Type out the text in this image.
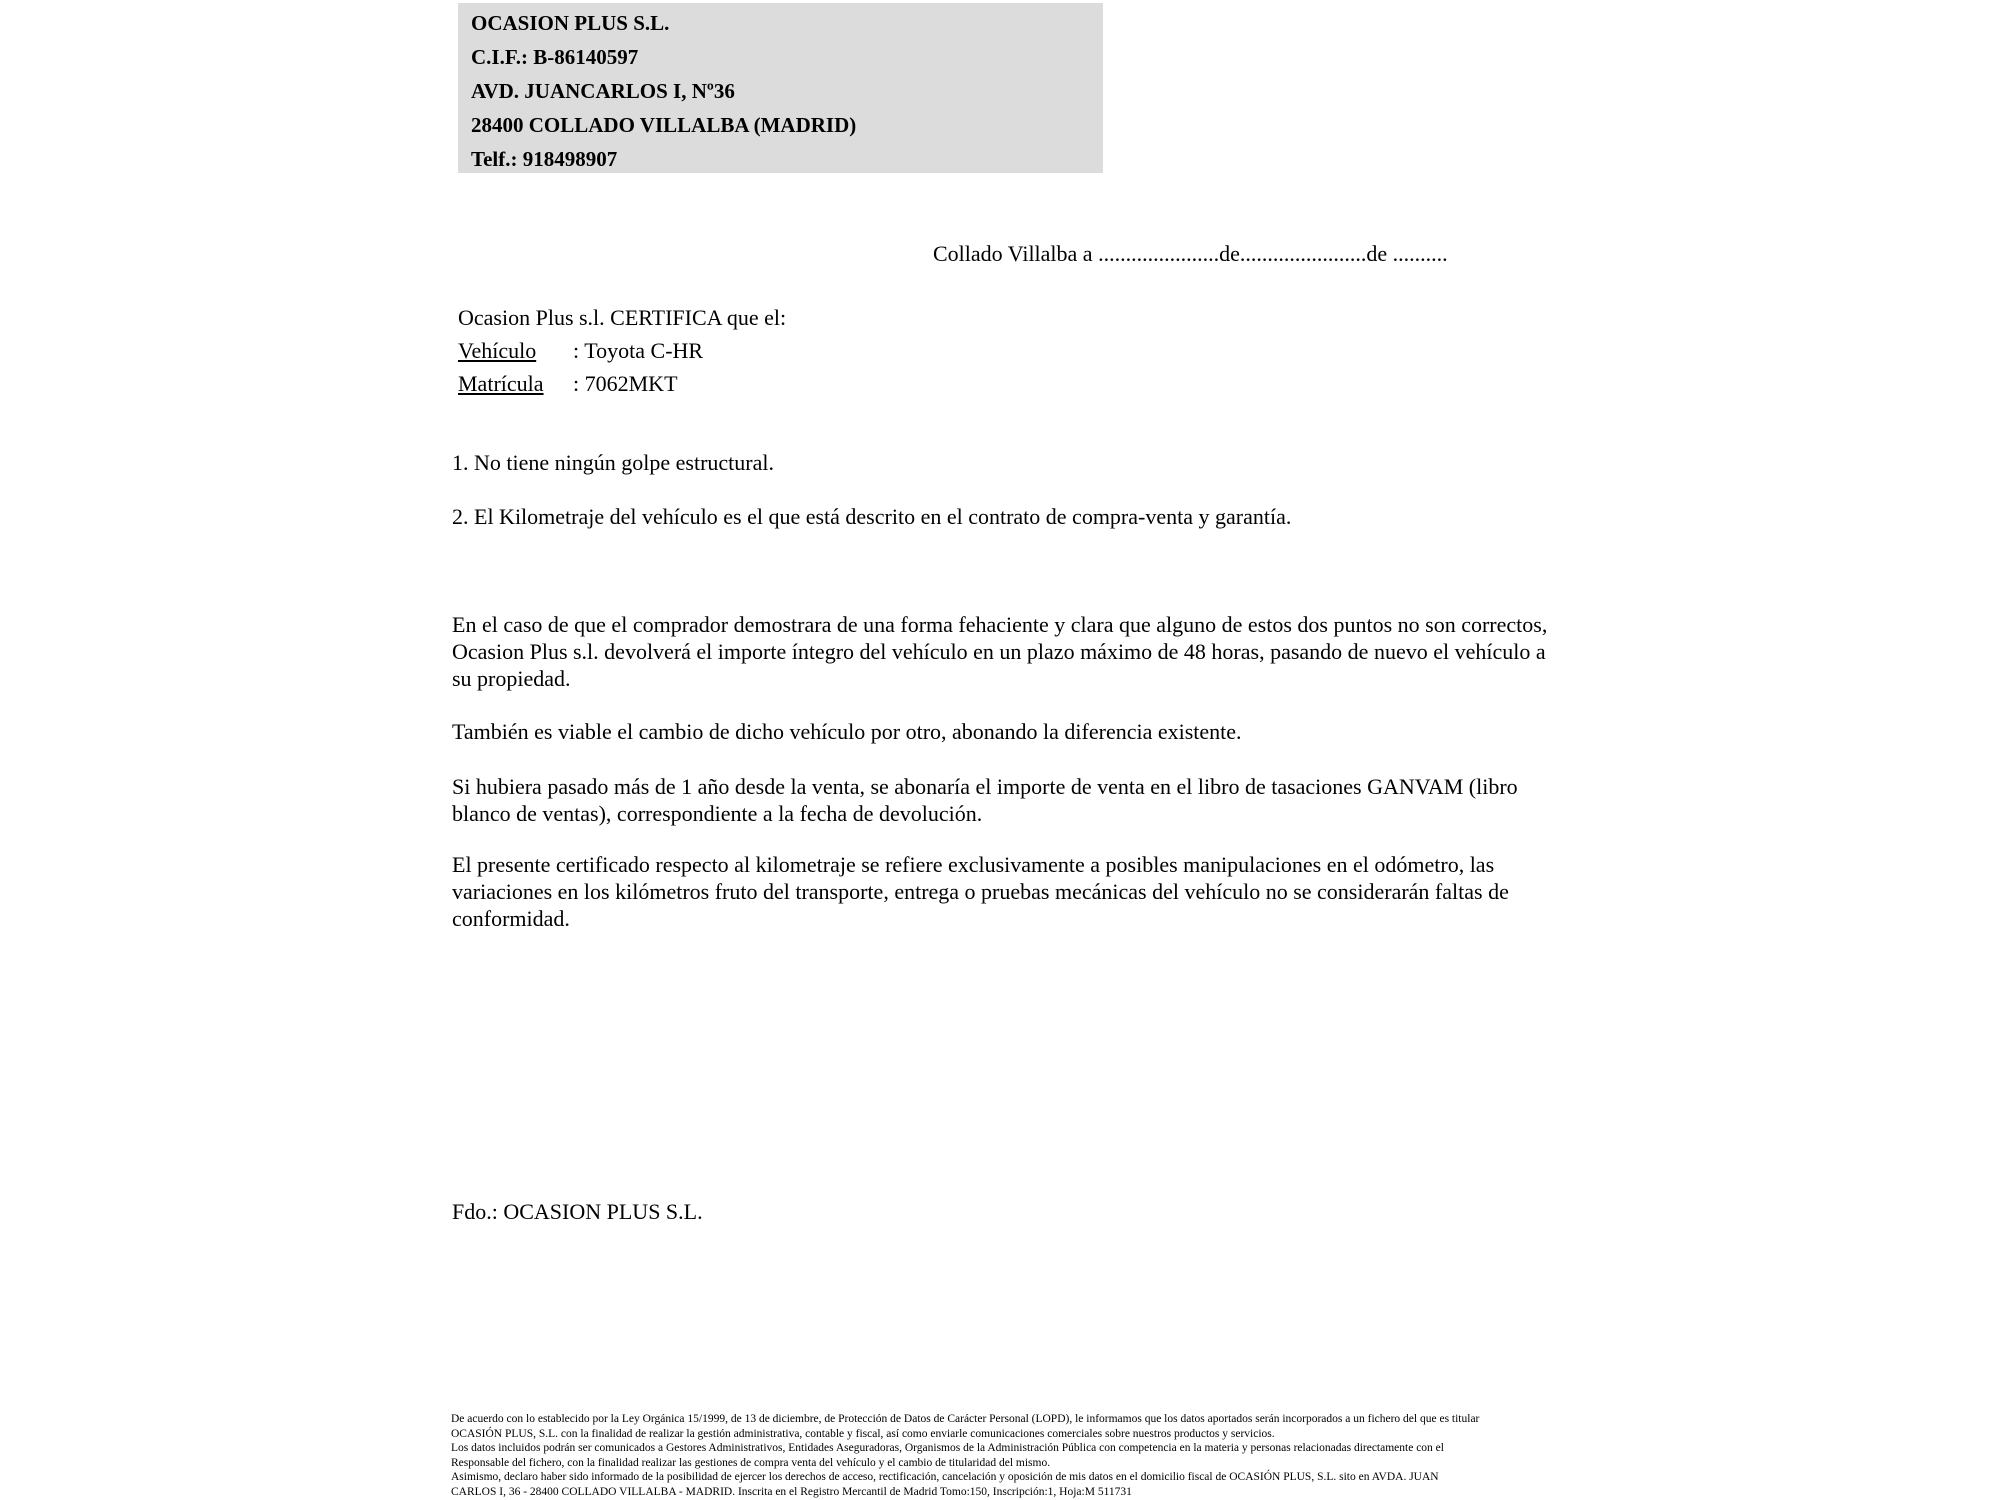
OCASION PLUS S.L.
C.I.F.: B-86140597
AVD. JUANCARLOS I, Nº36
28400 COLLADO VILLALBA (MADRID)
Telf.: 918498907
Collado Villalba a ......................de.......................de ..........
Ocasion Plus s.l. CERTIFICA que el:
Vehículo : Toyota C-HR
Matrícula : 7062MKT
1. No tiene ningún golpe estructural.
2. El Kilometraje del vehículo es el que está descrito en el contrato de compra-venta y garantía.
En el caso de que el comprador demostrara de una forma fehaciente y clara que alguno de estos dos puntos no son correctos, Ocasion Plus s.l. devolverá el importe íntegro del vehículo en un plazo máximo de 48 horas, pasando de nuevo el vehículo a su propiedad.
También es viable el cambio de dicho vehículo por otro, abonando la diferencia existente.
Si hubiera pasado más de 1 año desde la venta, se abonaría el importe de venta en el libro de tasaciones GANVAM (libro blanco de ventas), correspondiente a la fecha de devolución.
El presente certificado respecto al kilometraje se refiere exclusivamente a posibles manipulaciones en el odómetro, las variaciones en los kilómetros fruto del transporte, entrega o pruebas mecánicas del vehículo no se considerarán faltas de conformidad.
Fdo.: OCASION PLUS S.L.
De acuerdo con lo establecido por la Ley Orgánica 15/1999, de 13 de diciembre, de Protección de Datos de Carácter Personal (LOPD), le informamos que los datos aportados serán incorporados a un fichero del que es titular
OCASIÓN PLUS, S.L. con la finalidad de realizar la gestión administrativa, contable y fiscal, así como enviarle comunicaciones comerciales sobre nuestros productos y servicios.
Los datos incluidos podrán ser comunicados a Gestores Administrativos, Entidades Aseguradoras, Organismos de la Administración Pública con competencia en la materia y personas relacionadas directamente con el
Responsable del fichero, con la finalidad realizar las gestiones de compra venta del vehículo y el cambio de titularidad del mismo.
Asimismo, declaro haber sido informado de la posibilidad de ejercer los derechos de acceso, rectificación, cancelación y oposición de mis datos en el domicilio fiscal de OCASIÓN PLUS, S.L. sito en AVDA. JUAN
CARLOS I, 36 - 28400 COLLADO VILLALBA - MADRID. Inscrita en el Registro Mercantil de Madrid Tomo:150, Inscripción:1, Hoja:M 511731
